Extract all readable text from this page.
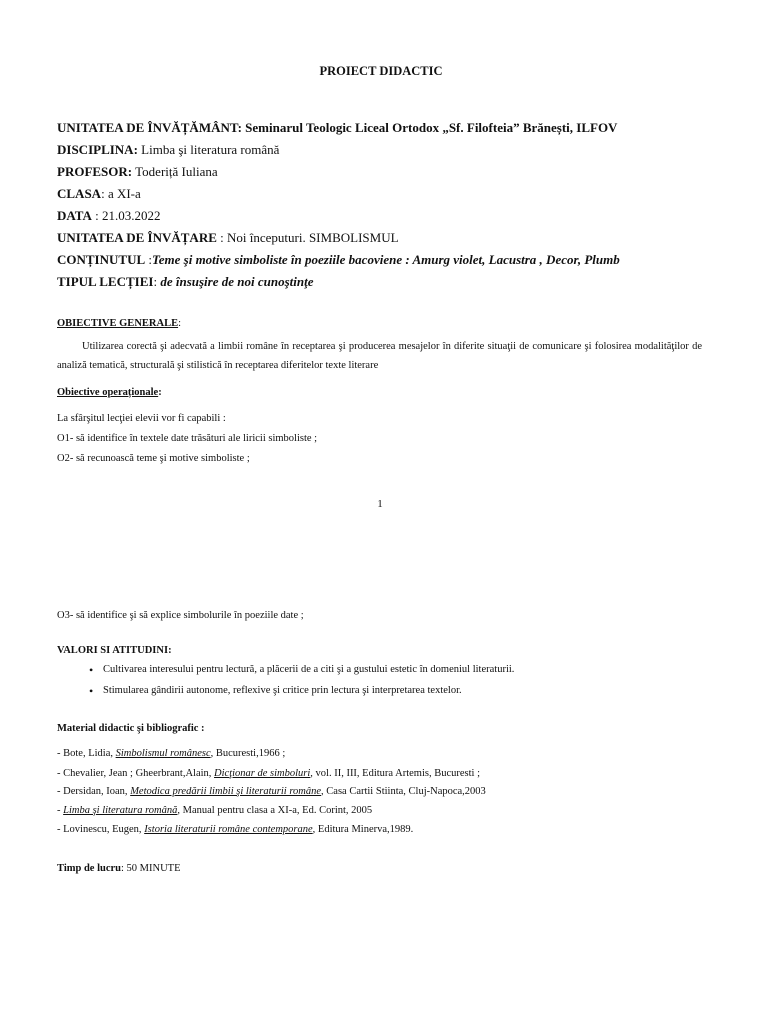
PROIECT DIDACTIC
UNITATEA DE ÎNVĂȚĂMÂNT: Seminarul Teologic Liceal Ortodox „Sf. Filofteia” Brănești, ILFOV
DISCIPLINA: Limba şi literatura română
PROFESOR: Toderiță Iuliana
CLASA: a XI-a
DATA : 21.03.2022
UNITATEA DE ÎNVĂȚARE : Noi începuturi. SIMBOLISMUL
CONȚINUTUL :Teme şi motive simboliste în poeziile bacoviene : Amurg violet, Lacustra , Decor, Plumb
TIPUL LECȚIEI: de însuşire de noi cunoştinţe
OBIECTIVE GENERALE:
Utilizarea corectă şi adecvată a limbii române în receptarea şi producerea mesajelor în diferite situaţii de comunicare şi folosirea modalităţilor de analiză tematică, structurală şi stilistică în receptarea diferitelor texte literare
Obiective operaționale:
La sfârşitul lecţiei elevii vor fi capabili :
O1- să identifice în textele date trăsături ale liricii simboliste ;
O2- să recunoască teme şi motive simboliste ;
1
O3- să identifice şi să explice simbolurile în poeziile date ;
VALORI SI ATITUDINI:
• Cultivarea interesului pentru lectură, a plăcerii de a citi şi a gustului estetic în domeniul literaturii.
• Stimularea gândirii autonome, reflexive şi critice prin lectura şi interpretarea textelor.
Material didactic şi bibliografic :
- Bote, Lidia, Simbolismul românesc, Bucuresti,1966 ;
- Chevalier, Jean ; Gheerbrant,Alain, Dicţionar de simboluri, vol. II, III, Editura Artemis, Bucuresti ;
- Dersidan, Ioan, Metodica predării limbii şi literaturii române, Casa Cartii Stiinta, Cluj-Napoca,2003
- Limba şi literatura română, Manual pentru clasa a XI-a, Ed. Corint, 2005
- Lovinescu, Eugen, Istoria literaturii române contemporane, Editura Minerva,1989.
Timp de lucru: 50 MINUTE
